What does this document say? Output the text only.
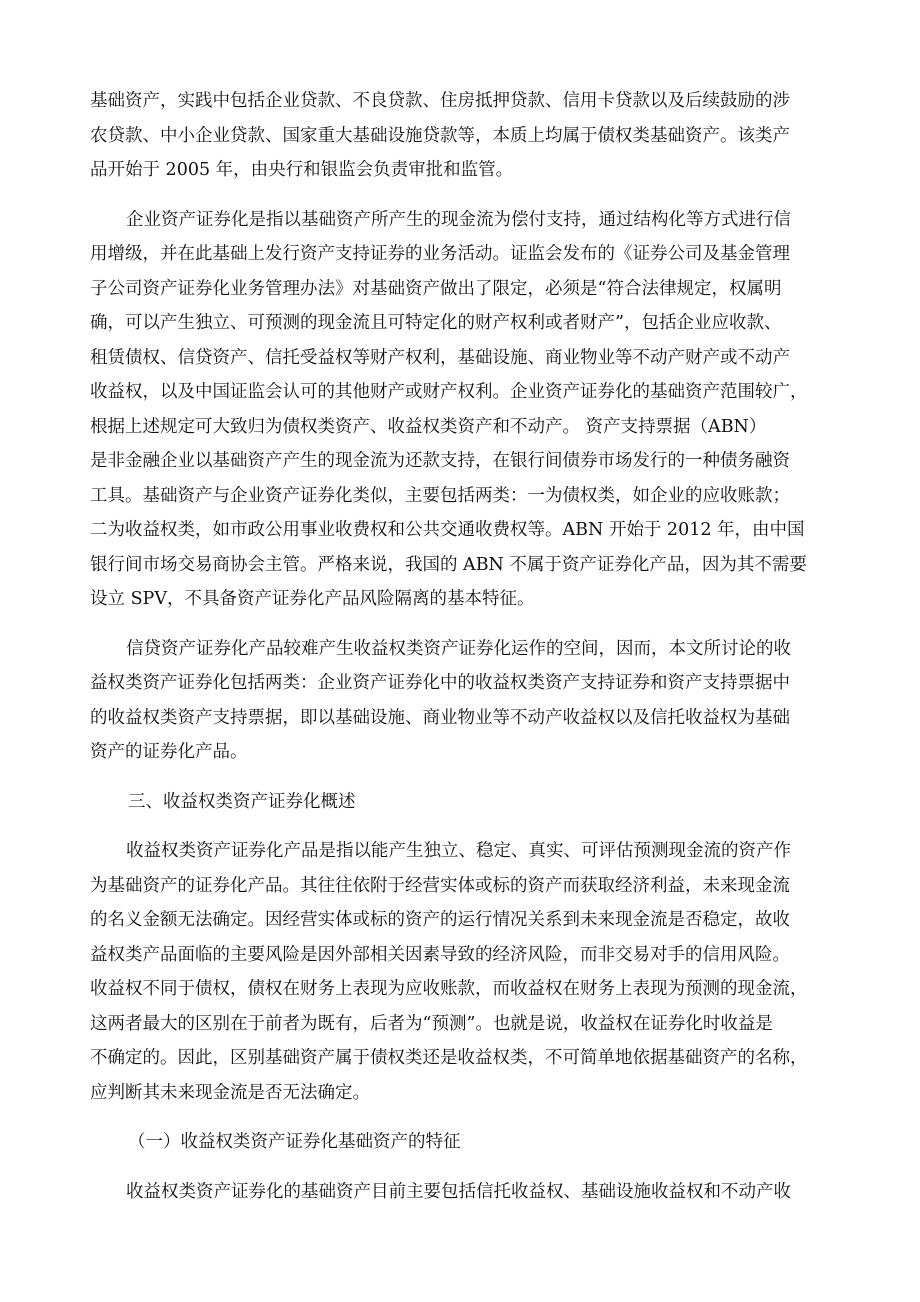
基础资产，实践中包括企业贷款、不良贷款、住房抵押贷款、信用卡贷款以及后续鼓励的涉
农贷款、中小企业贷款、国家重大基础设施贷款等，本质上均属于债权类基础资产。该类产
品开始于 2005 年，由央行和银监会负责审批和监管。
企业资产证券化是指以基础资产所产生的现金流为偿付支持，通过结构化等方式进行信
用增级，并在此基础上发行资产支持证券的业务活动。证监会发布的《证券公司及基金管理
子公司资产证券化业务管理办法》对基础资产做出了限定，必须是“符合法律规定，权属明
确，可以产生独立、可预测的现金流且可特定化的财产权利或者财产”，包括企业应收款、
租赁债权、信贷资产、信托受益权等财产权利，基础设施、商业物业等不动产财产或不动产
收益权，以及中国证监会认可的其他财产或财产权利。企业资产证券化的基础资产范围较广，
根据上述规定可大致归为债权类资产、收益权类资产和不动产。 资产支持票据（ABN）
是非金融企业以基础资产产生的现金流为还款支持，在银行间债券市场发行的一种债务融资
工具。基础资产与企业资产证券化类似，主要包括两类：一为债权类，如企业的应收账款；
二为收益权类，如市政公用事业收费权和公共交通收费权等。ABN 开始于 2012 年，由中国
银行间市场交易商协会主管。严格来说，我国的 ABN 不属于资产证券化产品，因为其不需要
设立 SPV，不具备资产证券化产品风险隔离的基本特征。
信贷资产证券化产品较难产生收益权类资产证券化运作的空间，因而，本文所讨论的收
益权类资产证券化包括两类：企业资产证券化中的收益权类资产支持证券和资产支持票据中
的收益权类资产支持票据，即以基础设施、商业物业等不动产收益权以及信托收益权为基础
资产的证券化产品。
三、收益权类资产证券化概述
收益权类资产证券化产品是指以能产生独立、稳定、真实、可评估预测现金流的资产作
为基础资产的证券化产品。其往往依附于经营实体或标的资产而获取经济利益，未来现金流
的名义金额无法确定。因经营实体或标的资产的运行情况关系到未来现金流是否稳定，故收
益权类产品面临的主要风险是因外部相关因素导致的经济风险，而非交易对手的信用风险。
收益权不同于债权，债权在财务上表现为应收账款，而收益权在财务上表现为预测的现金流，
这两者最大的区别在于前者为既有，后者为“预测”。也就是说，收益权在证券化时收益是
不确定的。因此，区别基础资产属于债权类还是收益权类，不可简单地依据基础资产的名称，
应判断其未来现金流是否无法确定。
（一）收益权类资产证券化基础资产的特征
收益权类资产证券化的基础资产目前主要包括信托收益权、基础设施收益权和不动产收
